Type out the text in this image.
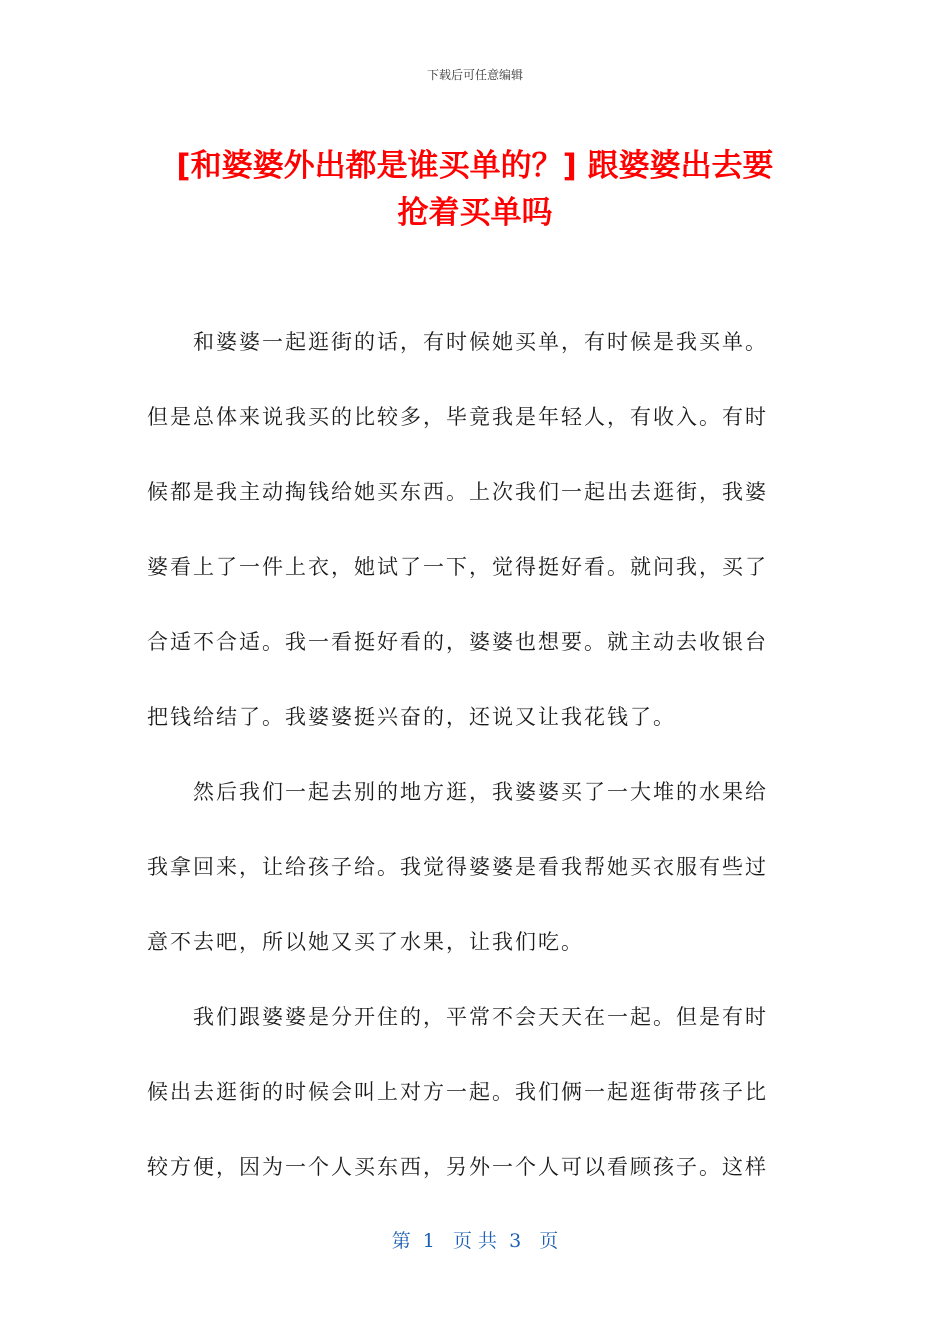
下载后可任意编辑
[和婆婆外出都是谁买单的？] 跟婆婆出去要
抢着买单吗
和婆婆一起逛街的话，有时候她买单，有时候是我买单。
但是总体来说我买的比较多，毕竟我是年轻人，有收入。有时
候都是我主动掏钱给她买东西。上次我们一起出去逛街，我婆
婆看上了一件上衣，她试了一下，觉得挺好看。就问我，买了
合适不合适。我一看挺好看的，婆婆也想要。就主动去收银台
把钱给结了。我婆婆挺兴奋的，还说又让我花钱了。
然后我们一起去别的地方逛，我婆婆买了一大堆的水果给
我拿回来，让给孩子给。我觉得婆婆是看我帮她买衣服有些过
意不去吧，所以她又买了水果，让我们吃。
我们跟婆婆是分开住的，平常不会天天在一起。但是有时
候出去逛街的时候会叫上对方一起。我们俩一起逛街带孩子比
较方便，因为一个人买东西，另外一个人可以看顾孩子。这样
第  1   页 共  3   页
